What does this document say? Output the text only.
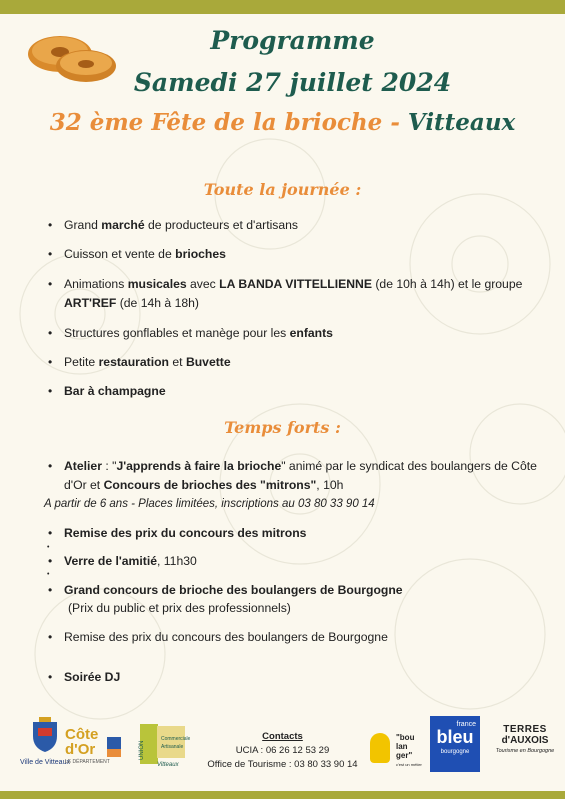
Programme
Samedi 27 juillet 2024
32 ème Fête de la brioche - Vitteaux
Toute la journée :
• Grand marché de producteurs et d'artisans
• Cuisson et vente de brioches
• Animations musicales avec LA BANDA VITTELLIENNE (de 10h à 14h) et le groupe ART'REF (de 14h à 18h)
• Structures gonflables et manège pour les enfants
• Petite restauration et Buvette
• Bar à champagne
Temps forts :
• Atelier : "J'apprends à faire la brioche" animé par le syndicat des boulangers de Côte d'Or et Concours de brioches des "mitrons", 10h
A partir de 6 ans - Places limitées, inscriptions au 03 80 33 90 14
• Remise des prix du concours des mitrons
•
• Verre de l'amitié, 11h30
•
• Grand concours de brioche des boulangers de Bourgogne
(Prix du public et prix des professionnels)
• Remise des prix du concours des boulangers de Bourgogne
• Soirée DJ
Ville de Vitteaux
Côte
d'Or
LE DÉPARTEMENT
UNION
Commerciale
Artisanale
Vitteaux
Contacts
UCIA : 06 26 12 53 29
Office de Tourisme : 03 80 33 90 14
"bou
lan
ger"
c'est un métier
france
bleu
bourgogne
TERRES
d'AUXOIS
Tourisme en Bourgogne
